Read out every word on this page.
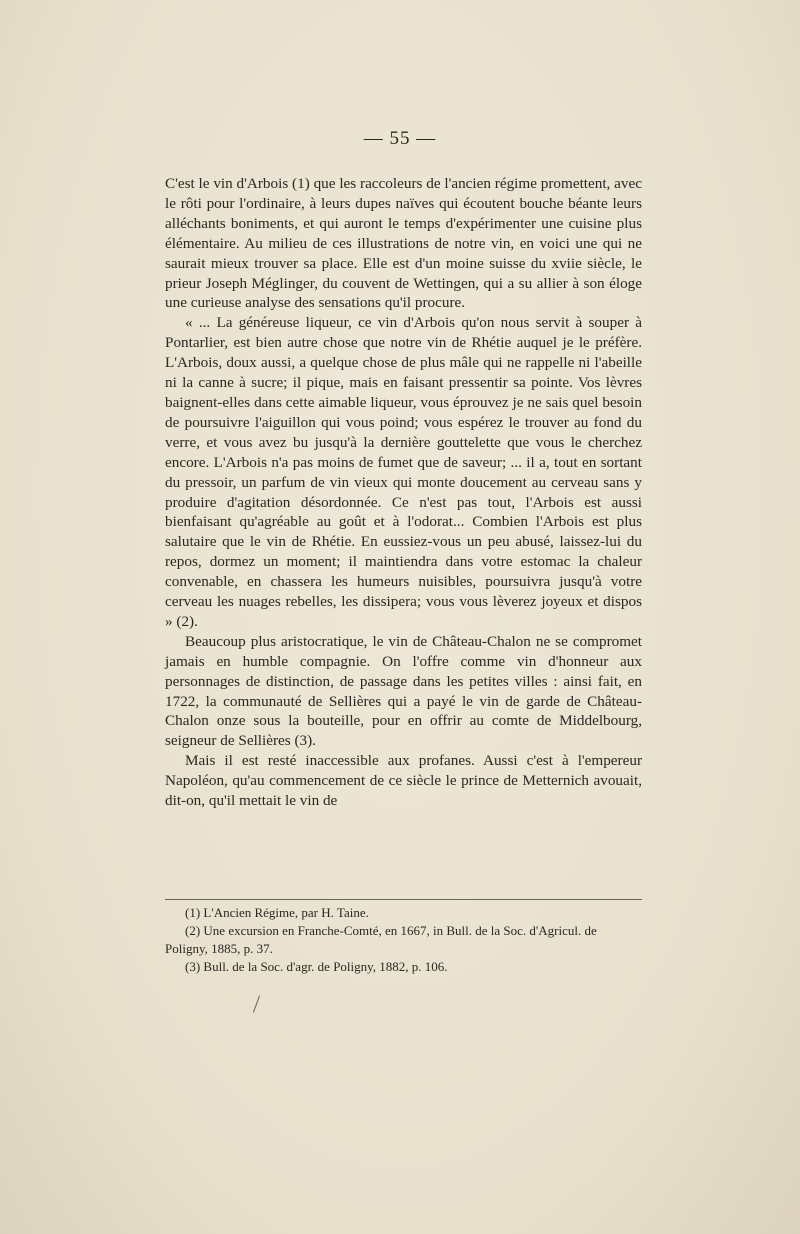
— 55 —

C'est le vin d'Arbois (1) que les raccoleurs de l'ancien régime promettent, avec le rôti pour l'ordinaire, à leurs dupes naïves qui écoutent bouche béante leurs alléchants boniments, et qui auront le temps d'expérimenter une cuisine plus élémentaire. Au milieu de ces illustrations de notre vin, en voici une qui ne saurait mieux trouver sa place. Elle est d'un moine suisse du xviie siècle, le prieur Joseph Méglinger, du couvent de Wettingen, qui a su allier à son éloge une curieuse analyse des sensations qu'il procure.

« ... La généreuse liqueur, ce vin d'Arbois qu'on nous servit à souper à Pontarlier, est bien autre chose que notre vin de Rhétie auquel je le préfère. L'Arbois, doux aussi, a quelque chose de plus mâle qui ne rappelle ni l'abeille ni la canne à sucre; il pique, mais en faisant pressentir sa pointe. Vos lèvres baignent-elles dans cette aimable liqueur, vous éprouvez je ne sais quel besoin de poursuivre l'aiguillon qui vous poind; vous espérez le trouver au fond du verre, et vous avez bu jusqu'à la dernière gouttelette que vous le cherchez encore. L'Arbois n'a pas moins de fumet que de saveur; ... il a, tout en sortant du pressoir, un parfum de vin vieux qui monte doucement au cerveau sans y produire d'agitation désordonnée. Ce n'est pas tout, l'Arbois est aussi bienfaisant qu'agréable au goût et à l'odorat... Combien l'Arbois est plus salutaire que le vin de Rhétie. En eussiez-vous un peu abusé, laissez-lui du repos, dormez un moment; il maintiendra dans votre estomac la chaleur convenable, en chassera les humeurs nuisibles, poursuivra jusqu'à votre cerveau les nuages rebelles, les dissipera; vous vous lèverez joyeux et dispos » (2).

Beaucoup plus aristocratique, le vin de Château-Chalon ne se compromet jamais en humble compagnie. On l'offre comme vin d'honneur aux personnages de distinction, de passage dans les petites villes : ainsi fait, en 1722, la communauté de Sellières qui a payé le vin de garde de Château-Chalon onze sous la bouteille, pour en offrir au comte de Middelbourg, seigneur de Sellières (3).

Mais il est resté inaccessible aux profanes. Aussi c'est à l'empereur Napoléon, qu'au commencement de ce siècle le prince de Metternich avouait, dit-on, qu'il mettait le vin de

(1) L'Ancien Régime, par H. Taine.

(2) Une excursion en Franche-Comté, en 1667, in Bull. de la Soc. d'Agricul. de Poligny, 1885, p. 37.

(3) Bull. de la Soc. d'agr. de Poligny, 1882, p. 106.
